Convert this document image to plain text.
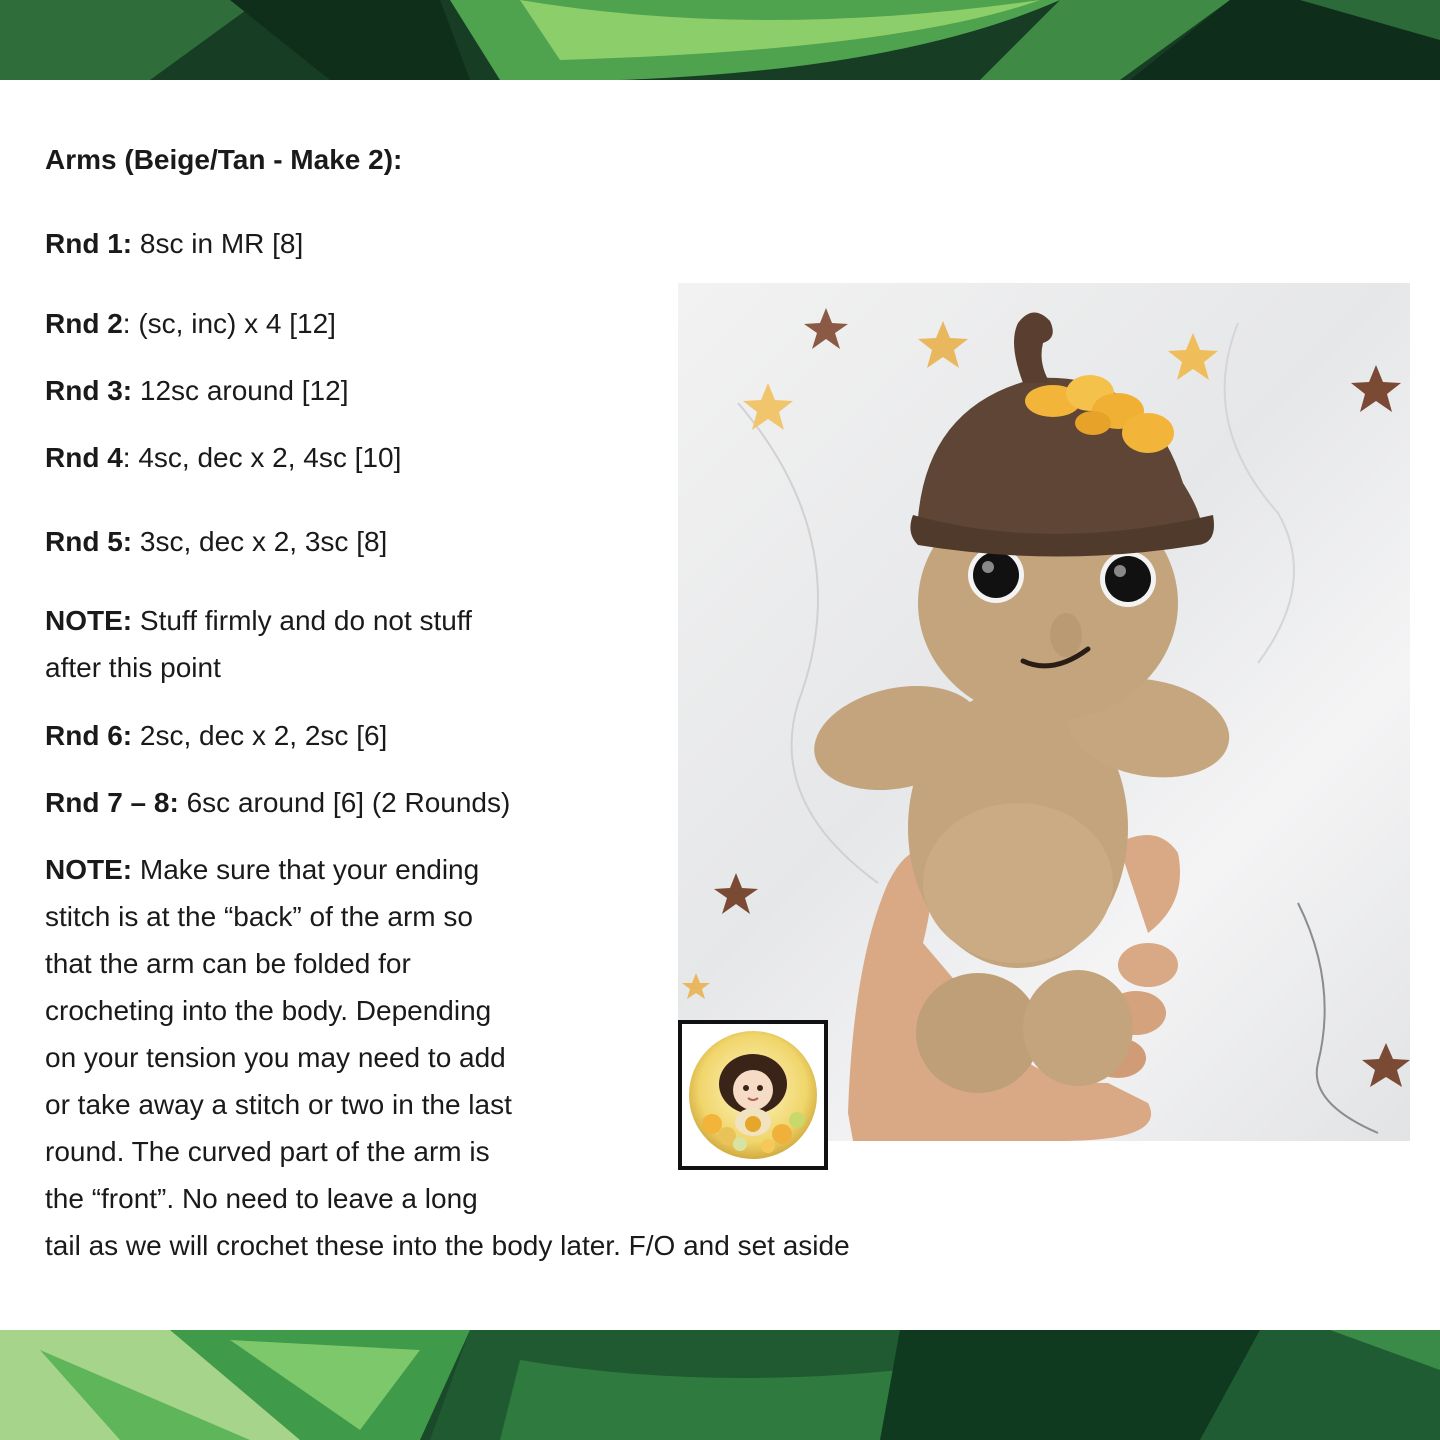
Arms (Beige/Tan - Make 2):
Rnd 1: 8sc in MR [8]
Rnd 2: (sc, inc) x 4 [12]
Rnd 3: 12sc around [12]
Rnd 4: 4sc, dec x 2, 4sc [10]
Rnd 5: 3sc, dec x 2, 3sc [8]
NOTE: Stuff firmly and do not stuff
after this point
Rnd 6: 2sc, dec x 2, 2sc [6]
Rnd 7 – 8: 6sc around [6] (2 Rounds)
NOTE: Make sure that your ending
stitch is at the “back” of the arm so
that the arm can be folded for
crocheting into the body. Depending
on your tension you may need to add
or take away a stitch or two in the last
round. The curved part of the arm is
the “front”. No need to leave a long
tail as we will crochet these into the body later. F/O and set aside
